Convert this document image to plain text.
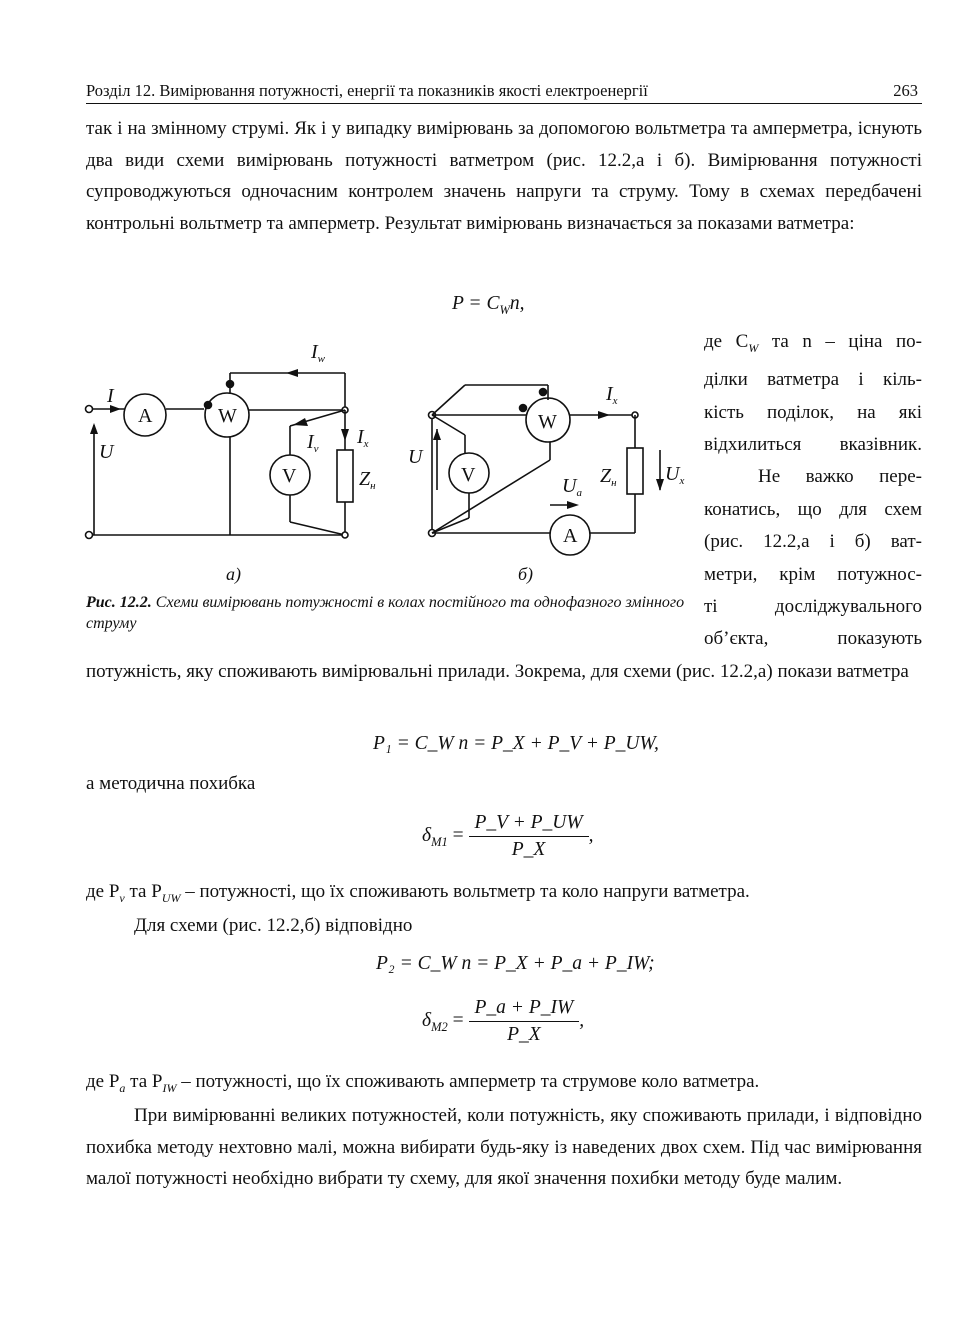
Розділ 12. Вимірювання потужності, енергії та показників якості електроенергії	263
так і на змінному струмі. Як і у випадку вимірювань за допомогою вольтметра та амперметра, існують два види схеми вимірювань потужності ватметром (рис. 12.2,а і б). Вимірювання потужності супроводжуються одночасним контролем значень напруги та струму. Тому в схемах передбачені контрольні вольтметр та амперметр. Результат вимірювань визначається за показами ватметра:
$P = C_Wn$,
A	W
V
I
U
$I_w$
$I_v$
$I_x$
$Z_н$
а)
W
V
A
$I_x$
U
$U_a$
$Z_н$ $U_x$
б)
Рис. 12.2. Схеми вимірювань потужності в колах постійного та однофазного змінного струму
де $C_W$ та n – ціна по-
ділки ватметра і кіль-
кість поділок, на які
відхилиться вказівник.
Не важко пере-
конатись, що для схем
(рис. 12.2,а і б) ват-
метри, крім потужнос-
ті досліджувального
об’єкта, показують
потужність, яку споживають вимірювальні прилади. Зокрема, для схеми (рис. 12.2,а) покази ватметра
P₁ = C_W n = P_X + P_V + P_UW,
а методична похибка
$\delta_{M1} = \frac{P\_V + P\_UW}{P\_X}$ ,
де $P_v$ та $P_{UW}$ – потужності, що їх споживають вольтметр та коло напруги ватметра.
Для схеми (рис. 12.2,б) відповідно
P₂ = C_W n = P_X + P_a + P_IW;
$\delta_{M2} = \frac{P\_a + P\_IW}{P\_X}$ ,
де $P_a$ та $P_{IW}$ – потужності, що їх споживають амперметр та струмове коло ватметра.
При вимірюванні великих потужностей, коли потужність, яку споживають прилади, і відповідно похибка методу нехтовно малі, можна вибирати будь-яку із наведених двох схем. Під час вимірювання малої потужності необхідно вибрати ту схему, для якої значення похибки методу буде малим.
